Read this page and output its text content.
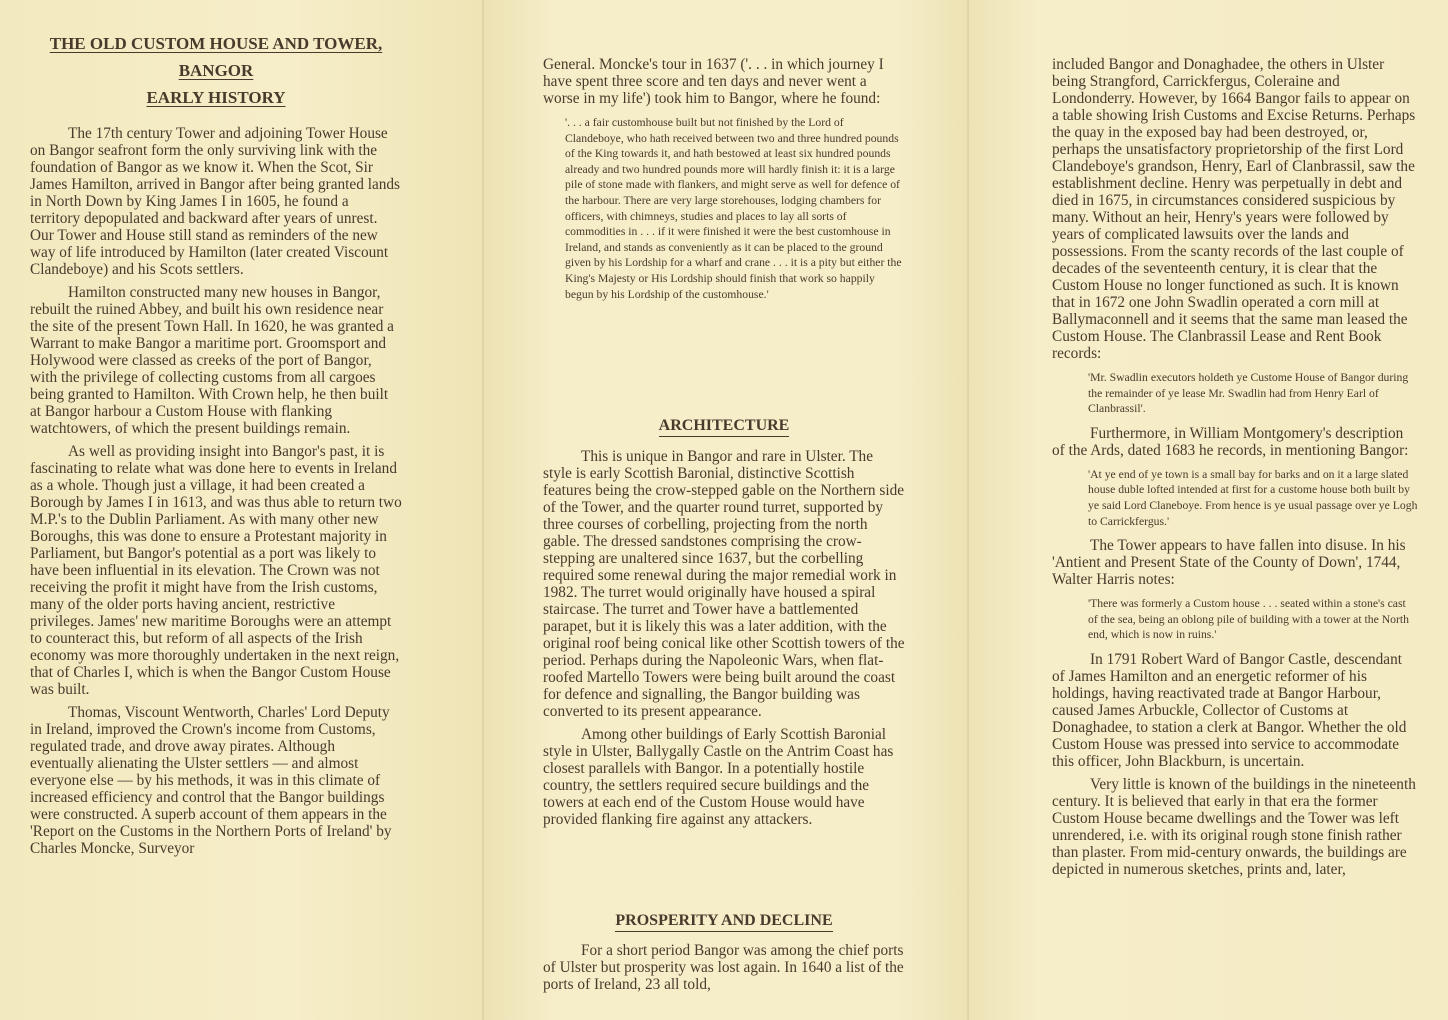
THE OLD CUSTOM HOUSE AND TOWER,
BANGOR
EARLY HISTORY

The 17th century Tower and adjoining Tower House on Bangor seafront form the only surviving link with the foundation of Bangor as we know it. When the Scot, Sir James Hamilton, arrived in Bangor after being granted lands in North Down by King James I in 1605, he found a territory depopulated and backward after years of unrest. Our Tower and House still stand as reminders of the new way of life introduced by Hamilton (later created Viscount Clandeboye) and his Scots settlers.

Hamilton constructed many new houses in Bangor, rebuilt the ruined Abbey, and built his own residence near the site of the present Town Hall. In 1620, he was granted a Warrant to make Bangor a maritime port. Groomsport and Holywood were classed as creeks of the port of Bangor, with the privilege of collecting customs from all cargoes being granted to Hamilton. With Crown help, he then built at Bangor harbour a Custom House with flanking watchtowers, of which the present buildings remain.

As well as providing insight into Bangor's past, it is fascinating to relate what was done here to events in Ireland as a whole. Though just a village, it had been created a Borough by James I in 1613, and was thus able to return two M.P.'s to the Dublin Parliament. As with many other new Boroughs, this was done to ensure a Protestant majority in Parliament, but Bangor's potential as a port was likely to have been influential in its elevation. The Crown was not receiving the profit it might have from the Irish customs, many of the older ports having ancient, restrictive privileges. James' new maritime Boroughs were an attempt to counteract this, but reform of all aspects of the Irish economy was more thoroughly undertaken in the next reign, that of Charles I, which is when the Bangor Custom House was built.

Thomas, Viscount Wentworth, Charles' Lord Deputy in Ireland, improved the Crown's income from Customs, regulated trade, and drove away pirates. Although eventually alienating the Ulster settlers — and almost everyone else — by his methods, it was in this climate of increased efficiency and control that the Bangor buildings were constructed. A superb account of them appears in the 'Report on the Customs in the Northern Ports of Ireland' by Charles Moncke, Surveyor

General. Moncke's tour in 1637 ('. . . in which journey I have spent three score and ten days and never went a worse in my life') took him to Bangor, where he found:

'. . . a fair customhouse built but not finished by the Lord of Clandeboye, who hath received between two and three hundred pounds of the King towards it, and hath bestowed at least six hundred pounds already and two hundred pounds more will hardly finish it: it is a large pile of stone made with flankers, and might serve as well for defence of the harbour. There are very large storehouses, lodging chambers for officers, with chimneys, studies and places to lay all sorts of commodities in . . . if it were finished it were the best customhouse in Ireland, and stands as conveniently as it can be placed to the ground given by his Lordship for a wharf and crane . . . it is a pity but either the King's Majesty or His Lordship should finish that work so happily begun by his Lordship of the customhouse.'
ARCHITECTURE

This is unique in Bangor and rare in Ulster. The style is early Scottish Baronial, distinctive Scottish features being the crow-stepped gable on the Northern side of the Tower, and the quarter round turret, supported by three courses of corbelling, projecting from the north gable. The dressed sandstones comprising the crow-stepping are unaltered since 1637, but the corbelling required some renewal during the major remedial work in 1982. The turret would originally have housed a spiral staircase. The turret and Tower have a battlemented parapet, but it is likely this was a later addition, with the original roof being conical like other Scottish towers of the period. Perhaps during the Napoleonic Wars, when flat-roofed Martello Towers were being built around the coast for defence and signalling, the Bangor building was converted to its present appearance.

Among other buildings of Early Scottish Baronial style in Ulster, Ballygally Castle on the Antrim Coast has closest parallels with Bangor. In a potentially hostile country, the settlers required secure buildings and the towers at each end of the Custom House would have provided flanking fire against any attackers.

PROSPERITY AND DECLINE

For a short period Bangor was among the chief ports of Ulster but prosperity was lost again. In 1640 a list of the ports of Ireland, 23 all told,

included Bangor and Donaghadee, the others in Ulster being Strangford, Carrickfergus, Coleraine and Londonderry. However, by 1664 Bangor fails to appear on a table showing Irish Customs and Excise Returns. Perhaps the quay in the exposed bay had been destroyed, or, perhaps the unsatisfactory proprietorship of the first Lord Clandeboye's grandson, Henry, Earl of Clanbrassil, saw the establishment decline. Henry was perpetually in debt and died in 1675, in circumstances considered suspicious by many. Without an heir, Henry's years were followed by years of complicated lawsuits over the lands and possessions. From the scanty records of the last couple of decades of the seventeenth century, it is clear that the Custom House no longer functioned as such. It is known that in 1672 one John Swadlin operated a corn mill at Ballymaconnell and it seems that the same man leased the Custom House. The Clanbrassil Lease and Rent Book records:

'Mr. Swadlin executors holdeth ye Custome House of Bangor during the remainder of ye lease Mr. Swadlin had from Henry Earl of Clanbrassil'.

Furthermore, in William Montgomery's description of the Ards, dated 1683 he records, in mentioning Bangor:

'At ye end of ye town is a small bay for barks and on it a large slated house duble lofted intended at first for a custome house both built by ye said Lord Claneboye. From hence is ye usual passage over ye Logh to Carrickfergus.'

The Tower appears to have fallen into disuse. In his 'Antient and Present State of the County of Down', 1744, Walter Harris notes:

'There was formerly a Custom house . . . seated within a stone's cast of the sea, being an oblong pile of building with a tower at the North end, which is now in ruins.'

In 1791 Robert Ward of Bangor Castle, descendant of James Hamilton and an energetic reformer of his holdings, having reactivated trade at Bangor Harbour, caused James Arbuckle, Collector of Customs at Donaghadee, to station a clerk at Bangor. Whether the old Custom House was pressed into service to accommodate this officer, John Blackburn, is uncertain.

Very little is known of the buildings in the nineteenth century. It is believed that early in that era the former Custom House became dwellings and the Tower was left unrendered, i.e. with its original rough stone finish rather than plaster. From mid-century onwards, the buildings are depicted in numerous sketches, prints and, later,
